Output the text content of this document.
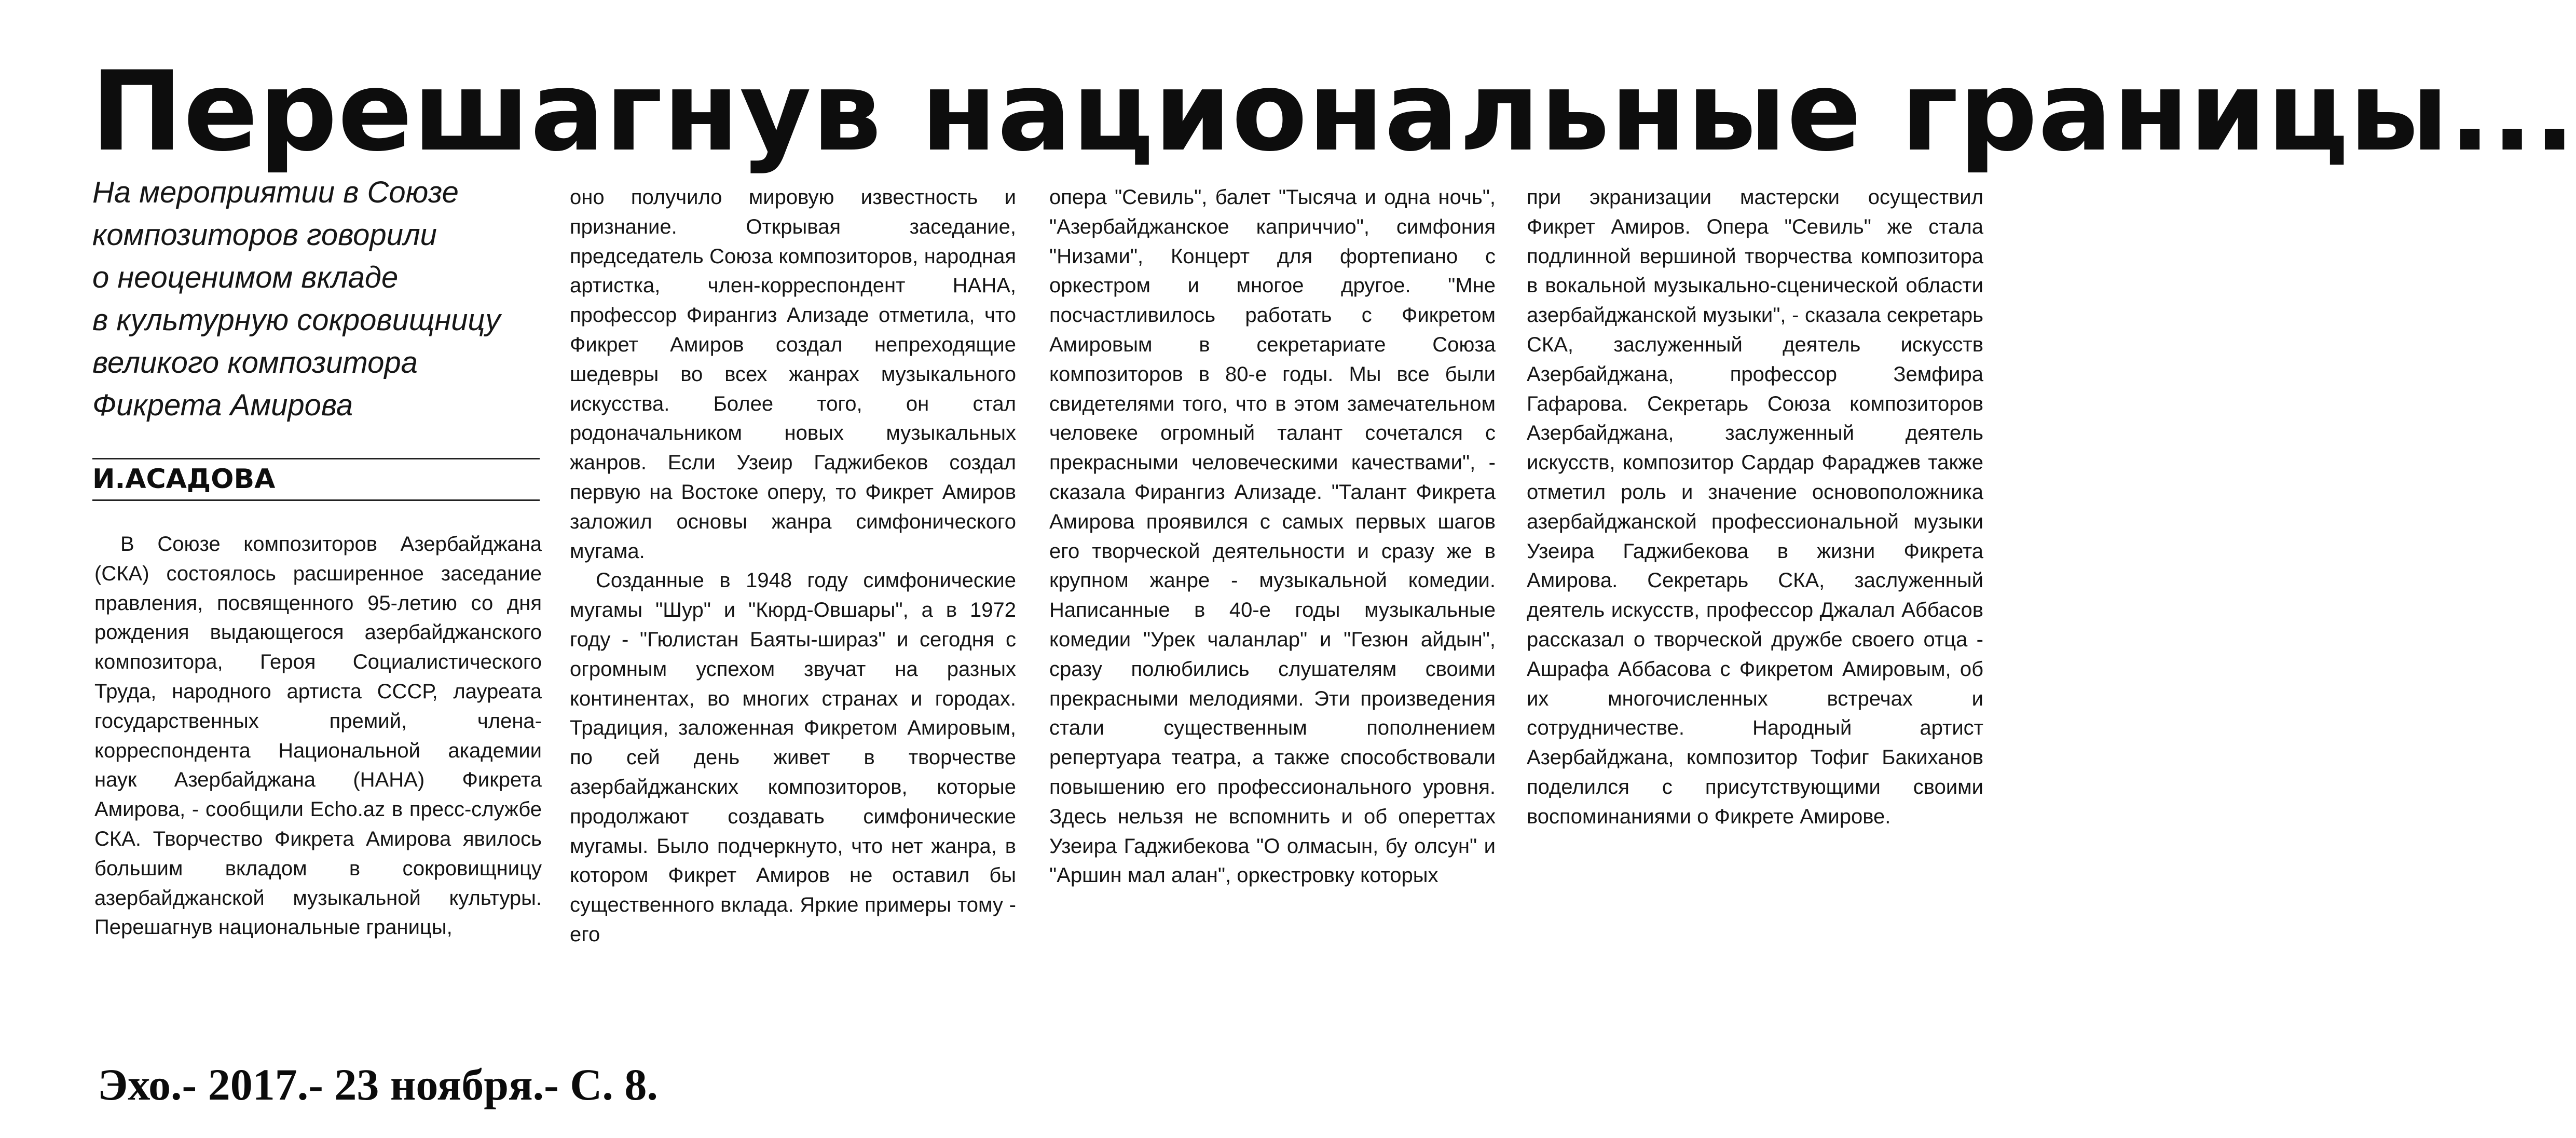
Перешагнув национальные границы...
На мероприятии в Союзе
композиторов говорили
о неоценимом вкладе
в культурную сокровищницу
великого композитора
Фикрета Амирова
И.АСАДОВА

В Союзе композиторов Азербайджана (СКА) состоялось расширенное заседание правления, посвященного 95-летию со дня рождения выдающегося азербайджанского композитора, Героя Социалистического Труда, народного артиста СССР, лауреата государственных премий, члена-корреспондента Национальной академии наук Азербайджана (НАНА) Фикрета Амирова, - сообщили Echo.az в пресс-службе СКА. Творчество Фикрета Амирова явилось большим вкладом в сокровищницу азербайджанской музыкальной культуры. Перешагнув национальные границы,

оно получило мировую известность и признание. Открывая заседание, председатель Союза композиторов, народная артистка, член-корреспондент НАНА, профессор Фирангиз Ализаде отметила, что Фикрет Амиров создал непреходящие шедевры во всех жанрах музыкального искусства. Более того, он стал родоначальником новых музыкальных жанров. Если Узеир Гаджибеков создал первую на Востоке оперу, то Фикрет Амиров заложил основы жанра симфонического мугама.

Созданные в 1948 году симфонические мугамы "Шур" и "Кюрд-Овшары", а в 1972 году - "Гюлистан Баяты-шираз" и сегодня с огромным успехом звучат на разных континентах, во многих странах и городах. Традиция, заложенная Фикретом Амировым, по сей день живет в творчестве азербайджанских композиторов, которые продолжают создавать симфонические мугамы. Было подчеркнуто, что нет жанра, в котором Фикрет Амиров не оставил бы существенного вклада. Яркие примеры тому - его

опера "Севиль", балет "Тысяча и одна ночь", "Азербайджанское каприччио", симфония "Низами", Концерт для фортепиано с оркестром и многое другое. "Мне посчастливилось работать с Фикретом Амировым в секретариате Союза композиторов в 80-е годы. Мы все были свидетелями того, что в этом замечательном человеке огромный талант сочетался с прекрасными человеческими качествами", - сказала Фирангиз Ализаде. "Талант Фикрета Амирова проявился с самых первых шагов его творческой деятельности и сразу же в крупном жанре - музыкальной комедии. Написанные в 40-е годы музыкальные комедии "Урек чаланлар" и "Гезюн айдын", сразу полюбились слушателям своими прекрасными мелодиями. Эти произведения стали существенным пополнением репертуара театра, а также способствовали повышению его профессионального уровня. Здесь нельзя не вспомнить и об опереттах Узеира Гаджибекова "О олмасын, бу олсун" и "Аршин мал алан", оркестровку которых

при экранизации мастерски осуществил Фикрет Амиров. Опера "Севиль" же стала подлинной вершиной творчества композитора в вокальной музыкально-сценической области азербайджанской музыки", - сказала секретарь СКА, заслуженный деятель искусств Азербайджана, профессор Земфира Гафарова. Секретарь Союза композиторов Азербайджана, заслуженный деятель искусств, композитор Сардар Фараджев также отметил роль и значение основоположника азербайджанской профессиональной музыки Узеира Гаджибекова в жизни Фикрета Амирова. Секретарь СКА, заслуженный деятель искусств, профессор Джалал Аббасов рассказал о творческой дружбе своего отца - Ашрафа Аббасова с Фикретом Амировым, об их многочисленных встречах и сотрудничестве. Народный артист Азербайджана, композитор Тофиг Бакиханов поделился с присутствующими своими воспоминаниями о Фикрете Амирове.

Эхо.- 2017.- 23 ноября.- С. 8.
